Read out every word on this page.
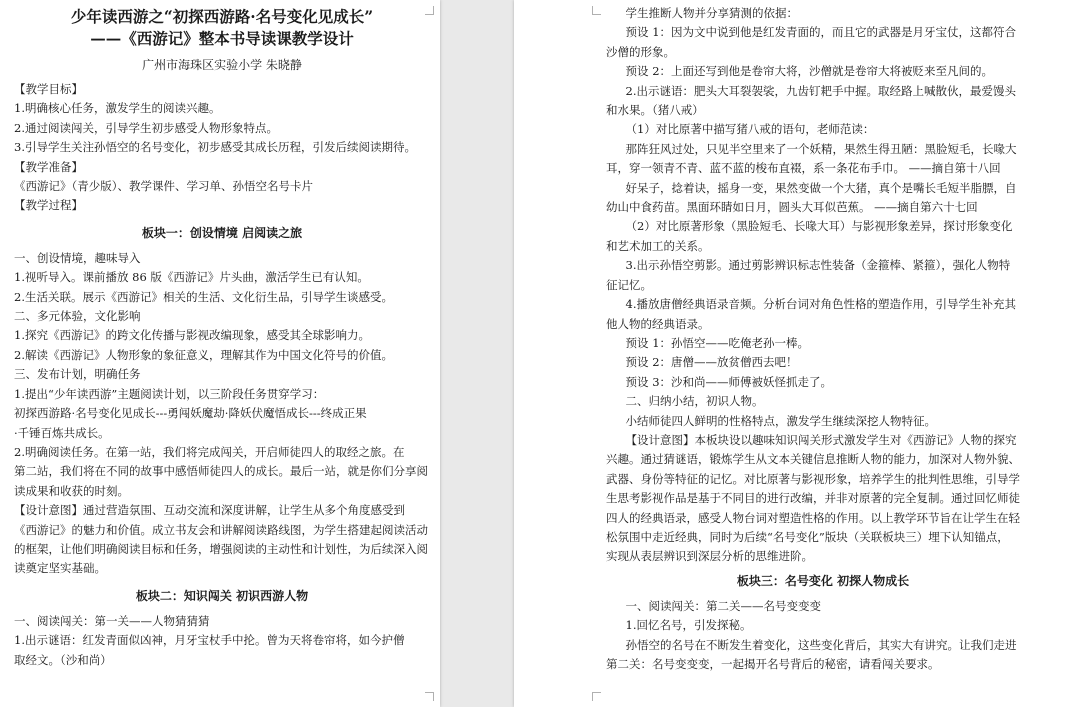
少年读西游之“初探西游路·名号变化见成长”
——《西游记》整本书导读课教学设计
广州市海珠区实验小学 朱晓静

【教学目标】

1.明确核心任务，激发学生的阅读兴趣。

2.通过阅读闯关，引导学生初步感受人物形象特点。

3.引导学生关注孙悟空的名号变化，初步感受其成长历程，引发后续阅读期待。

【教学准备】

《西游记》（青少版）、教学课件、学习单、孙悟空名号卡片

【教学过程】

板块一：创设情境 启阅读之旅

一、创设情境，趣味导入

1.视听导入。课前播放 86 版《西游记》片头曲，激活学生已有认知。

2.生活关联。展示《西游记》相关的生活、文化衍生品，引导学生谈感受。

二、多元体验，文化影响

1.探究《西游记》的跨文化传播与影视改编现象，感受其全球影响力。

2.解读《西游记》人物形象的象征意义，理解其作为中国文化符号的价值。

三、发布计划，明确任务

1.提出“少年读西游”主题阅读计划，以三阶段任务贯穿学习：

初探西游路·名号变化见成长---勇闯妖魔劫·降妖伏魔悟成长---终成正果

·千锤百炼共成长。

2.明确阅读任务。在第一站，我们将完成闯关，开启师徒四人的取经之旅。在

第二站，我们将在不同的故事中感悟师徒四人的成长。最后一站，就是你们分享阅

读成果和收获的时刻。

【设计意图】通过营造氛围、互动交流和深度讲解，让学生从多个角度感受到

《西游记》的魅力和价值。成立书友会和讲解阅读路线图，为学生搭建起阅读活动

的框架，让他们明确阅读目标和任务，增强阅读的主动性和计划性，为后续深入阅

读奠定坚实基础。

板块二：知识闯关 初识西游人物

一、阅读闯关：第一关——人物猜猜猜

1.出示谜语：红发青面似凶神，月牙宝杖手中抡。曾为天将卷帘将，如今护僧

取经文。（沙和尚）

学生推断人物并分享猜测的依据：

预设 1：因为文中说到他是红发青面的，而且它的武器是月牙宝仗，这都符合

沙僧的形象。

预设 2：上面还写到他是卷帘大将，沙僧就是卷帘大将被贬来至凡间的。

2.出示谜语：肥头大耳裂袈裟，九齿钉耙手中握。取经路上喊散伙，最爱馒头

和水果。（猪八戒）

（1）对比原著中描写猪八戒的语句，老师范读：

那阵狂风过处，只见半空里来了一个妖精，果然生得丑陋：黑脸短毛，长喙大

耳，穿一领青不青、蓝不蓝的梭布直裰，系一条花布手巾。 ——摘自第十八回

好呆子，捻着诀，摇身一变，果然变做一个大猪，真个是嘴长毛短半脂膘，自

幼山中食药苗。黑面环睛如日月，圆头大耳似芭蕉。 ——摘自第六十七回

（2）对比原著形象（黑脸短毛、长喙大耳）与影视形象差异，探讨形象变化

和艺术加工的关系。

3.出示孙悟空剪影。通过剪影辨识标志性装备（金箍棒、紧箍），强化人物特

征记忆。

4.播放唐僧经典语录音频。分析台词对角色性格的塑造作用，引导学生补充其

他人物的经典语录。

预设 1：孙悟空——吃俺老孙一棒。

预设 2：唐僧——放贫僧西去吧！

预设 3：沙和尚——师傅被妖怪抓走了。

二、归纳小结，初识人物。

小结师徒四人鲜明的性格特点，激发学生继续深挖人物特征。

【设计意图】本板块设以趣味知识闯关形式激发学生对《西游记》人物的探究

兴趣。通过猜谜语，锻炼学生从文本关键信息推断人物的能力，加深对人物外貌、

武器、身份等特征的记忆。对比原著与影视形象，培养学生的批判性思维，引导学

生思考影视作品是基于不同目的进行改编，并非对原著的完全复制。通过回忆师徒

四人的经典语录，感受人物台词对塑造性格的作用。以上教学环节旨在让学生在轻

松氛围中走近经典，同时为后续“名号变化”版块（关联板块三）埋下认知锚点，

实现从表层辨识到深层分析的思维进阶。

板块三：名号变化 初探人物成长

一、阅读闯关：第二关——名号变变变

1.回忆名号，引发探秘。

孙悟空的名号在不断发生着变化，这些变化背后，其实大有讲究。让我们走进

第二关：名号变变变，一起揭开名号背后的秘密，请看闯关要求。
